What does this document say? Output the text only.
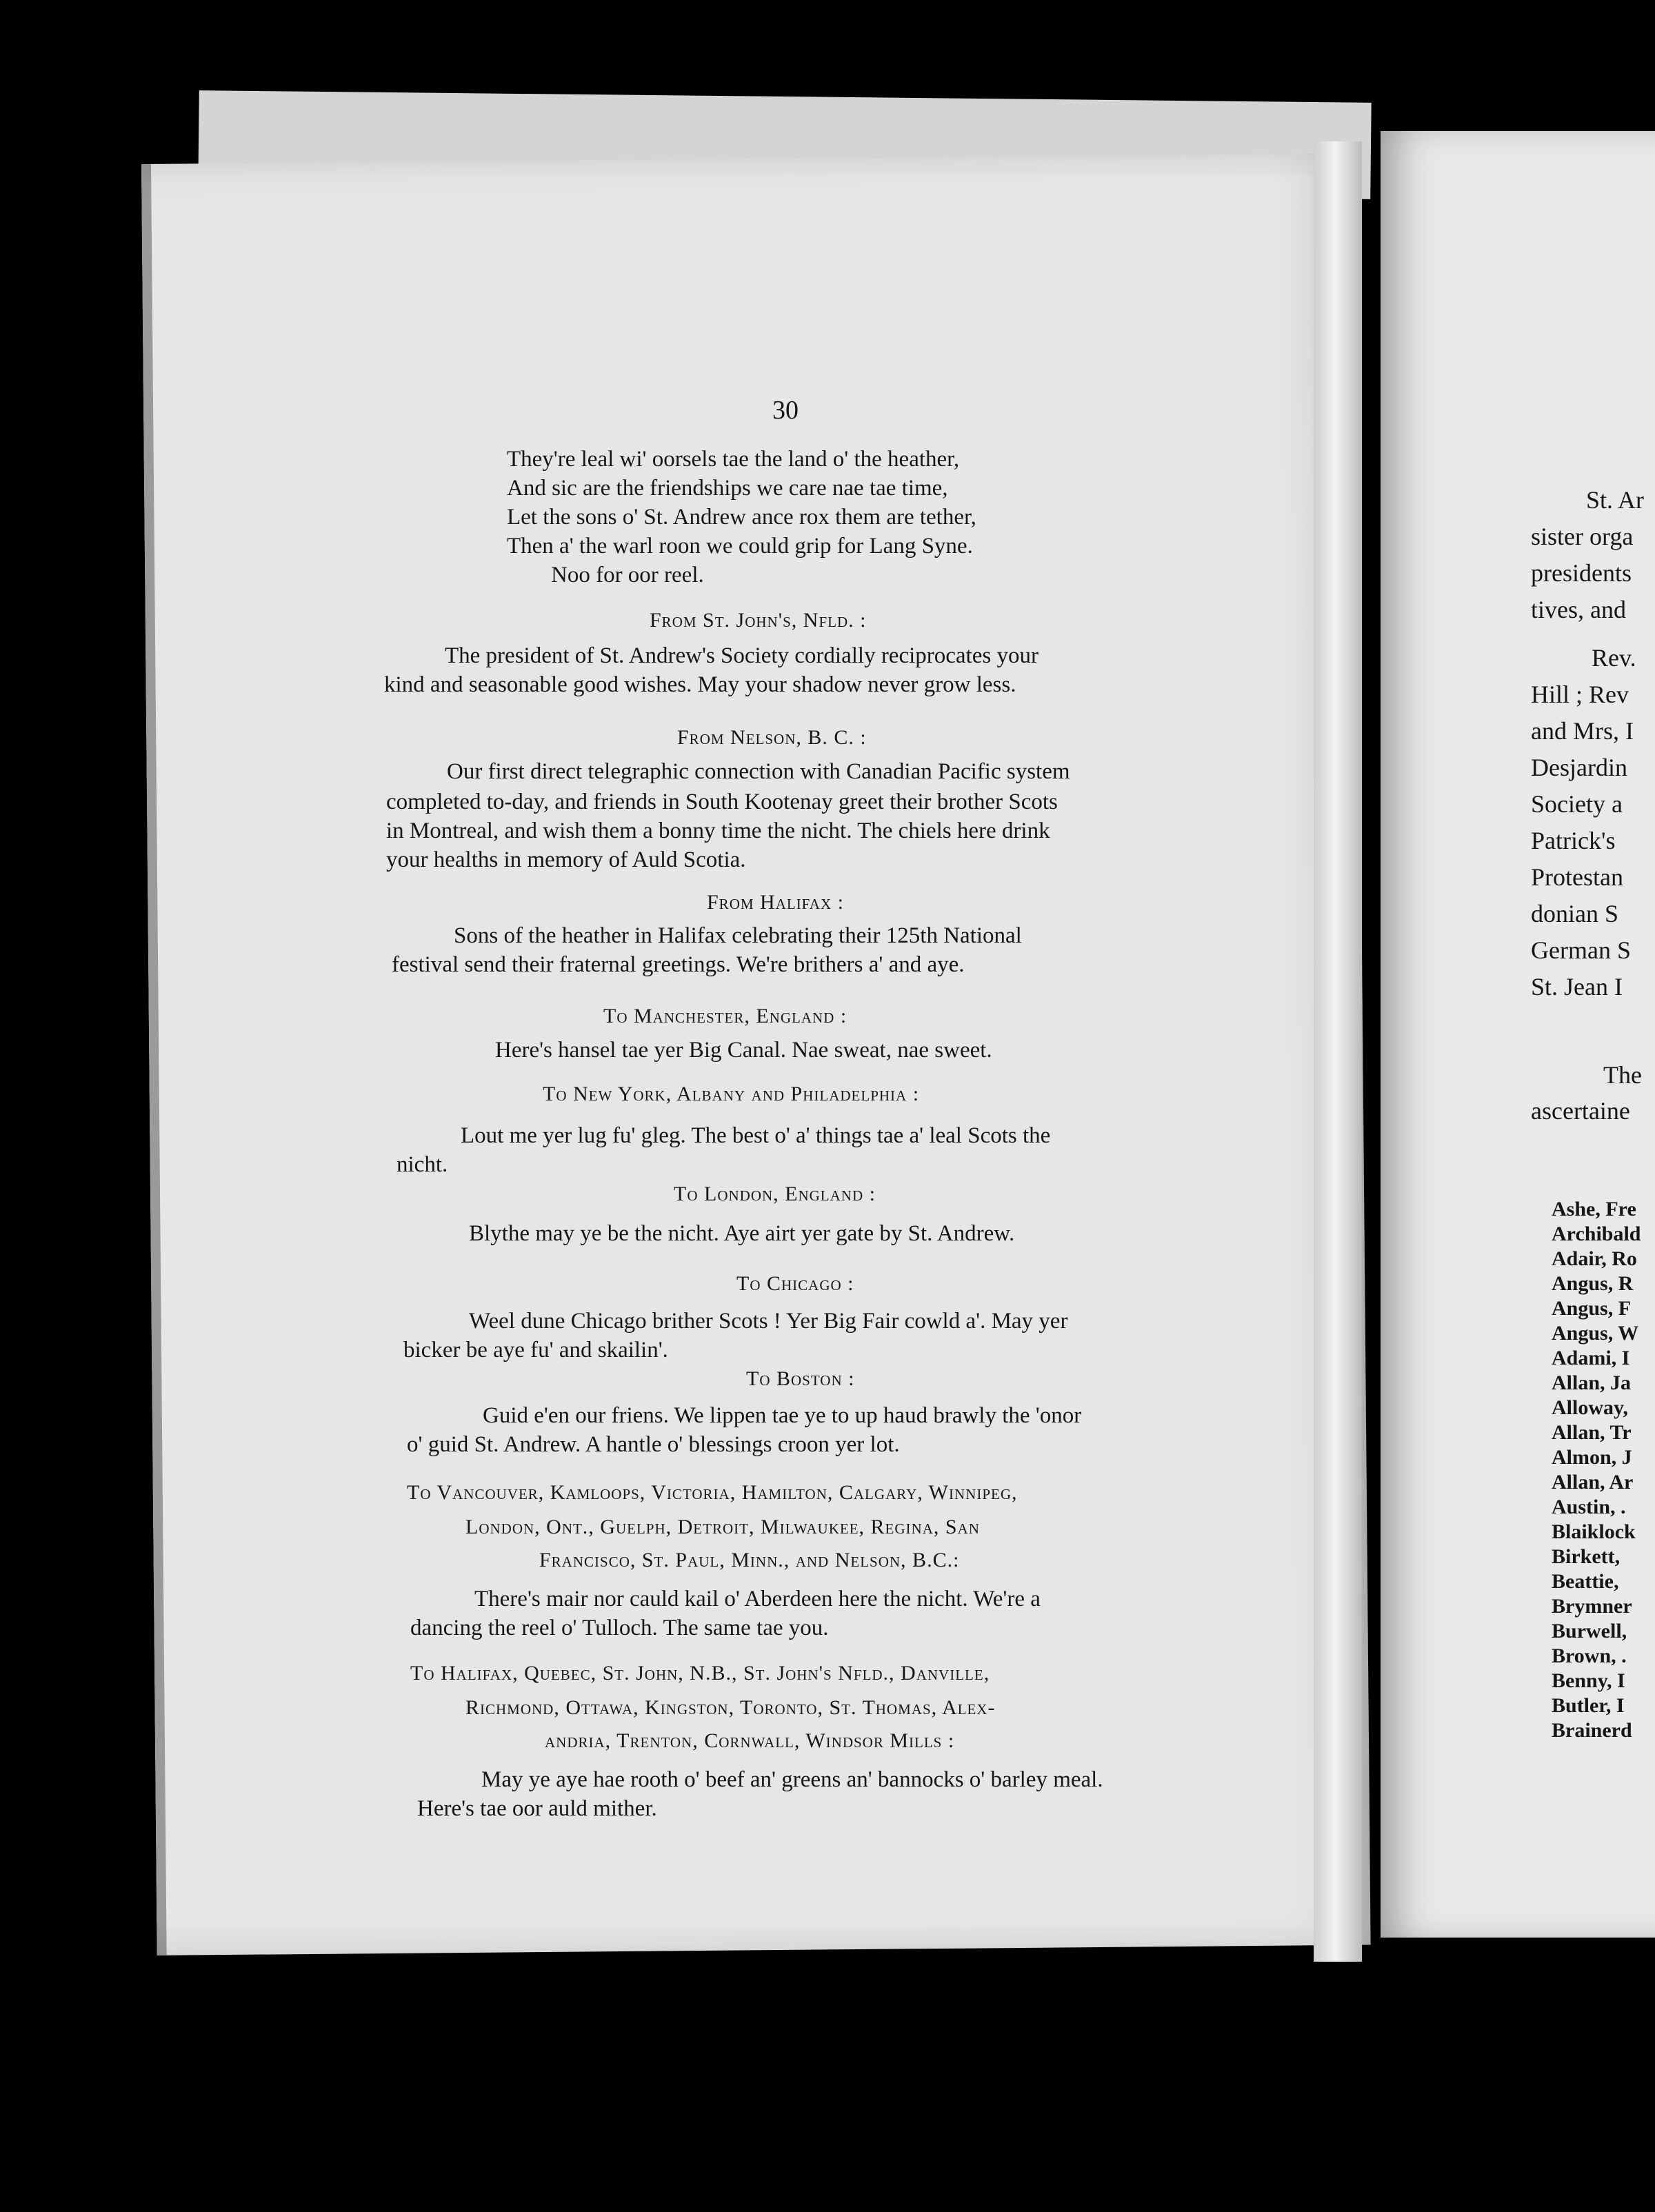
30
They're leal wi' oorsels tae the land o' the heather,
And sic are the friendships we care nae tae time,
Let the sons o' St. Andrew ance rox them are tether,
Then a' the warl roon we could grip for Lang Syne.
Noo for oor reel.
From St. John's, Nfld. :
The president of St. Andrew's Society cordially reciprocates your
kind and seasonable good wishes. May your shadow never grow less.
From Nelson, B. C. :
Our first direct telegraphic connection with Canadian Pacific system
completed to-day, and friends in South Kootenay greet their brother Scots
in Montreal, and wish them a bonny time the nicht. The chiels here drink
your healths in memory of Auld Scotia.
From Halifax :
Sons of the heather in Halifax celebrating their 125th National
festival send their fraternal greetings. We're brithers a' and aye.
To Manchester, England :
Here's hansel tae yer Big Canal. Nae sweat, nae sweet.
To New York, Albany and Philadelphia :
Lout me yer lug fu' gleg. The best o' a' things tae a' leal Scots the
nicht.
To London, England :
Blythe may ye be the nicht. Aye airt yer gate by St. Andrew.
To Chicago :
Weel dune Chicago brither Scots ! Yer Big Fair cowld a'. May yer
bicker be aye fu' and skailin'.
To Boston :
Guid e'en our friens. We lippen tae ye to up haud brawly the 'onor
o' guid St. Andrew. A hantle o' blessings croon yer lot.
To Vancouver, Kamloops, Victoria, Hamilton, Calgary, Winnipeg,
London, Ont., Guelph, Detroit, Milwaukee, Regina, San
Francisco, St. Paul, Minn., and Nelson, B.C.:
There's mair nor cauld kail o' Aberdeen here the nicht. We're a
dancing the reel o' Tulloch. The same tae you.
To Halifax, Quebec, St. John, N.B., St. John's Nfld., Danville,
Richmond, Ottawa, Kingston, Toronto, St. Thomas, Alex-
andria, Trenton, Cornwall, Windsor Mills :
May ye aye hae rooth o' beef an' greens an' bannocks o' barley meal.
Here's tae oor auld mither.
St. Ar
sister orga
presidents
tives, and
Rev.
Hill ; Rev
and Mrs, I
Desjardin
Society a
Patrick's
Protestan
donian S
German S
St. Jean I
The
ascertaine
Ashe, Fre
Archibald
Adair, Ro
Angus, R
Angus, F
Angus, W
Adami, I
Allan, Ja
Alloway,
Allan, Tr
Almon, J
Allan, Ar
Austin, .
Blaiklock
Birkett,
Beattie,
Brymner
Burwell,
Brown, .
Benny, I
Butler, I
Brainerd
